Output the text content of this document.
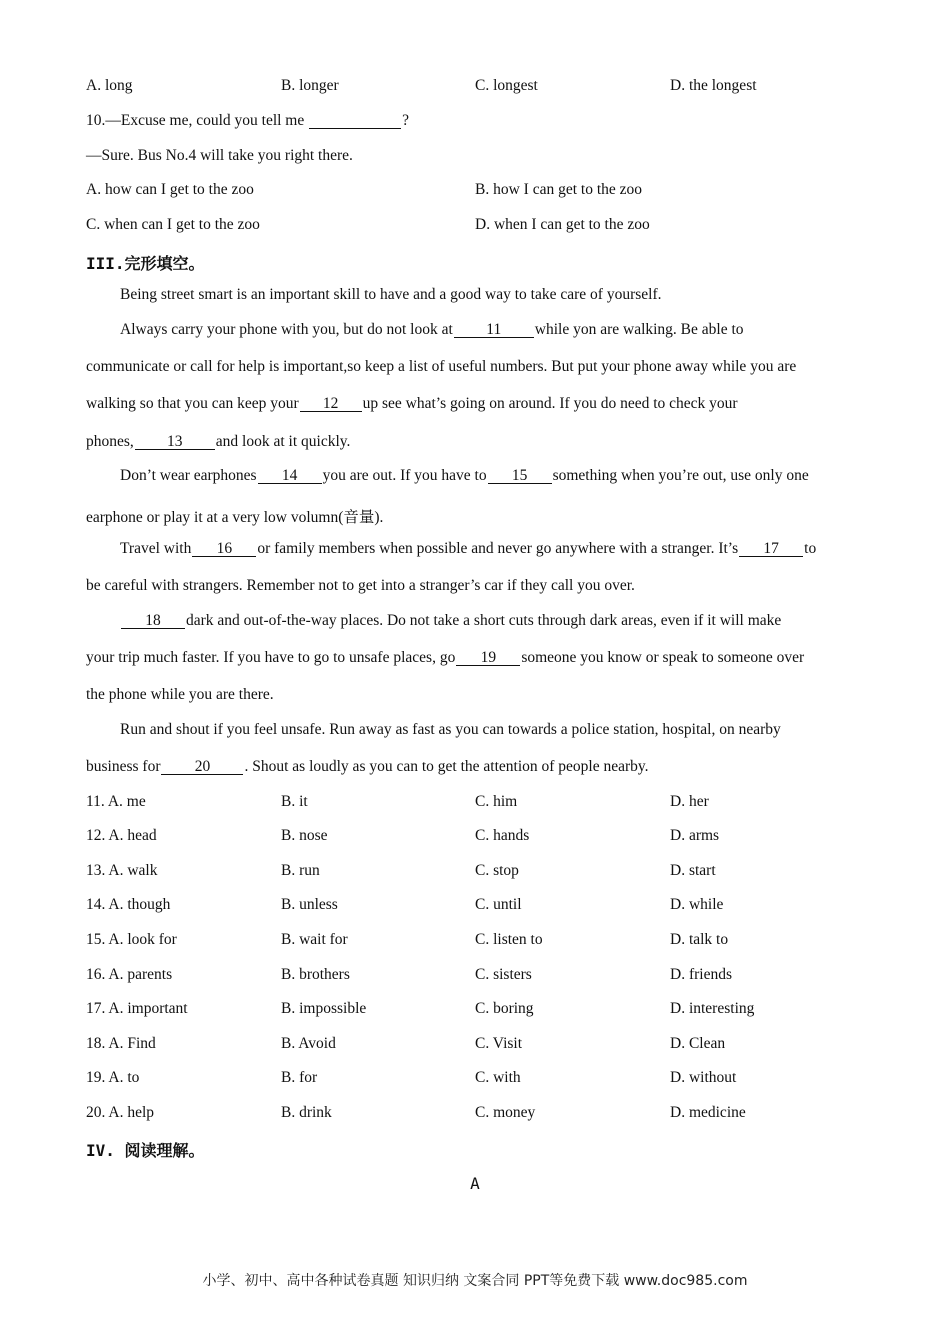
A. long	B. longer	C. longest	D. the longest
10.—Excuse me, could you tell me	?
—Sure. Bus No.4 will take you right there.
A. how can I get to the zoo	B. how I can get to the zoo
C. when can I get to the zoo	D. when I can get to the zoo
III.完形填空。
Being street smart is an important skill to have and a good way to take care of yourself.
Always carry your phone with you, but do not look at 11 while yon are walking. Be able to
communicate or call for help is important,so keep a list of useful numbers. But put your phone away while you are
walking so that you can keep your 12 up see what’s going on around. If you do need to check your
phones, 13 and look at it quickly.
Don’t wear earphones 14 you are out. If you have to 15 something when you’re out, use only one
earphone or play it at a very low volumn(音量).
Travel with 16 or family members when possible and never go anywhere with a stranger. It’s 17 to
be careful with strangers. Remember not to get into a stranger’s car if they call you over.
18 dark and out-of-the-way places. Do not take a short cuts through dark areas, even if it will make
your trip much faster. If you have to go to unsafe places, go 19 someone you know or speak to someone over
the phone while you are there.
Run and shout if you feel unsafe. Run away as fast as you can towards a police station, hospital, on nearby
business for 20 . Shout as loudly as you can to get the attention of people nearby.
11. A. me	B. it	C. him	D. her
12. A. head	B. nose	C. hands	D. arms
13. A. walk	B. run	C. stop	D. start
14. A. though	B. unless	C. until	D. while
15. A. look for	B. wait for	C. listen to	D. talk to
16. A. parents	B. brothers	C. sisters	D. friends
17. A. important	B. impossible	C. boring	D. interesting
18. A. Find	B. Avoid	C. Visit	D. Clean
19. A. to	B. for	C. with	D. without
20. A. help	B. drink	C. money	D. medicine
IV. 阅读理解。
A
小学、初中、高中各种试卷真题 知识归纳 文案合同 PPT等免费下载 www.doc985.com
